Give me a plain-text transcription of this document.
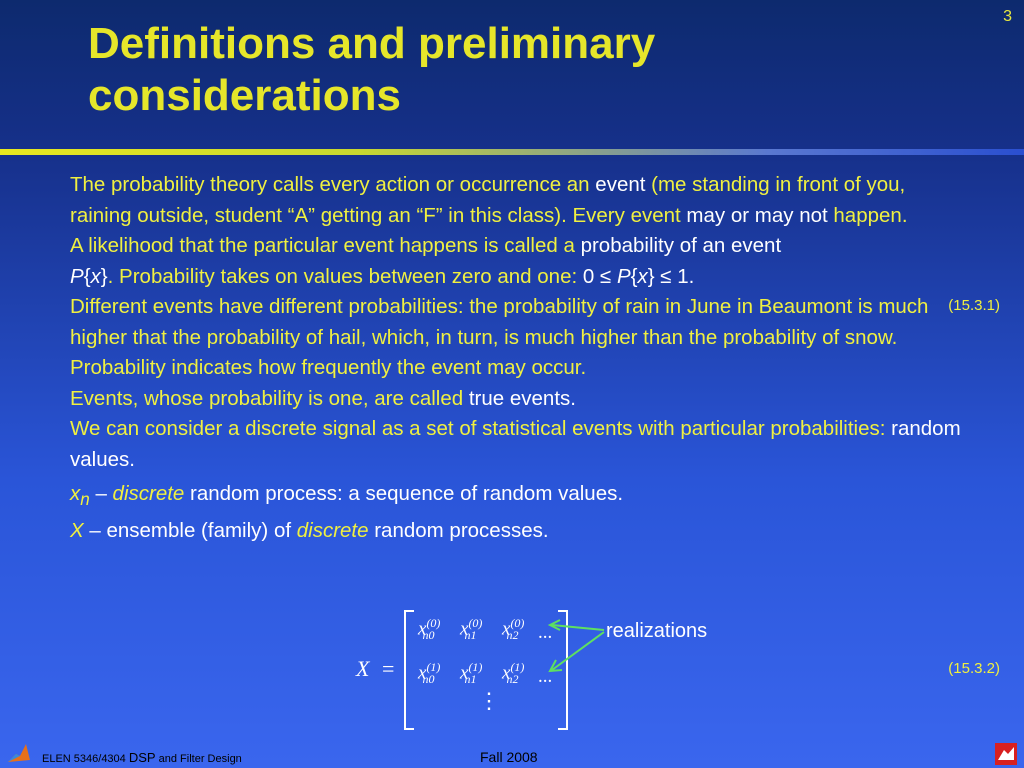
3
Definitions and preliminary
considerations

The probability theory calls every action or occurrence an event (me standing in front of you, raining outside, student “A” getting an “F” in this class). Every event may or may not happen.

A likelihood that the particular event happens is called a probability of an event
P{x}. Probability takes on values between zero and one: 0 ≤ P{x} ≤ 1.

Different events have different probabilities: the probability of rain in June in Beaumont is much higher that the probability of hail, which, in turn, is much higher than the probability of snow. Probability indicates how frequently the event may occur.

Events, whose probability is one, are called true events.

We can consider a discrete signal as a set of statistical events with particular probabilities: random values.

$x_n$ – discrete random process: a sequence of random values.

X – ensemble (family) of discrete random processes.

(15.3.1)
(15.3.2)
X =
$x^{(0)}_{n0}$ $x^{(0)}_{n1}$ $x^{(0)}_{n2}$ ...
$x^{(1)}_{n0}$ $x^{(1)}_{n1}$ $x^{(1)}_{n2}$ ...
⋮
realizations
ELEN 5346/4304 DSP and Filter Design	Fall 2008
